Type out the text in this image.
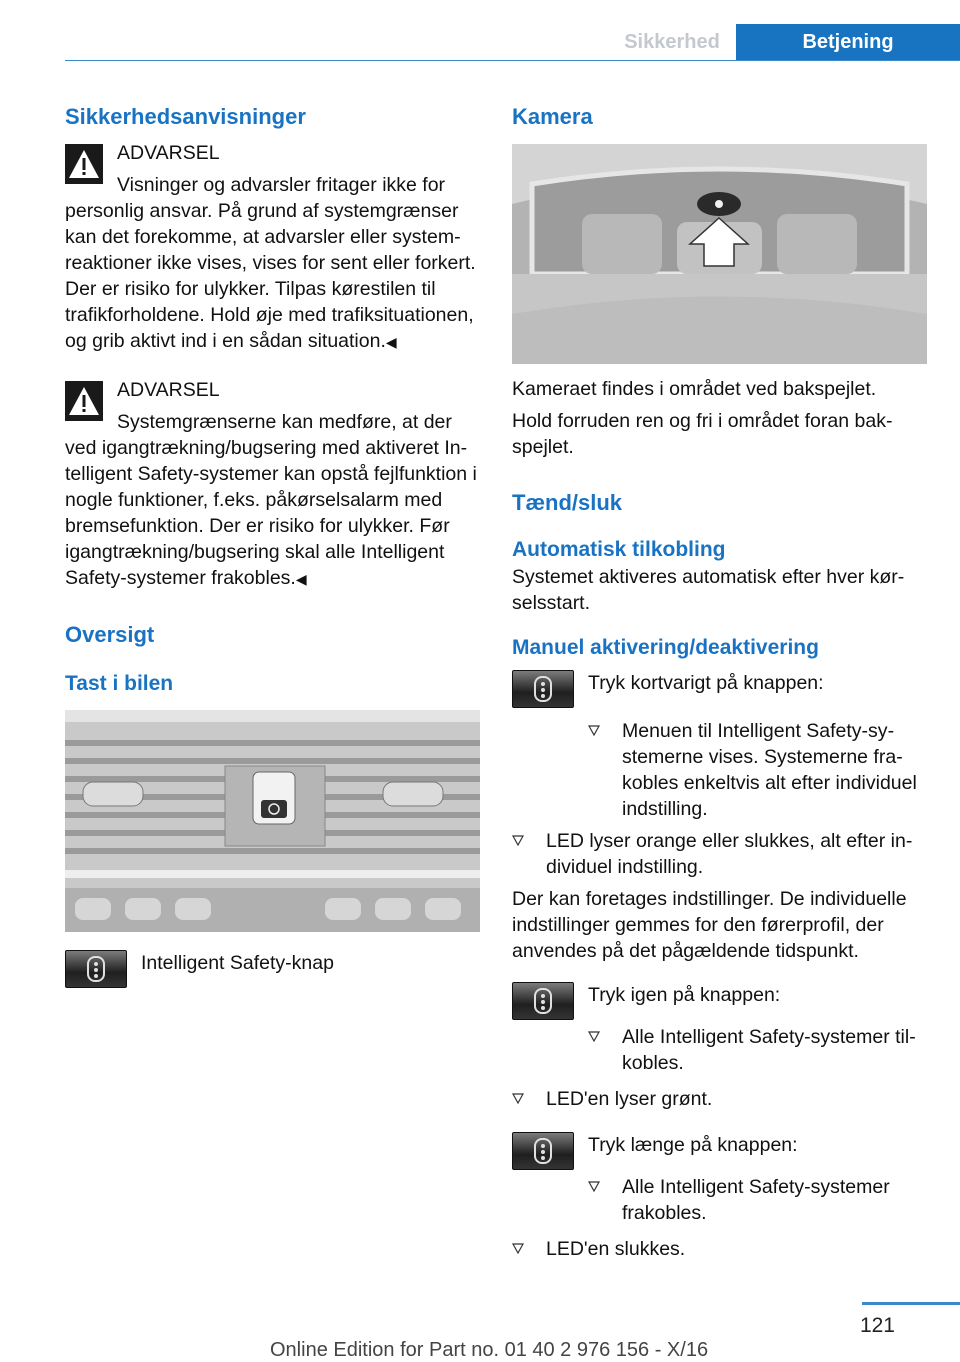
Sikkerhed	Betjening
Sikkerhedsanvisninger
ADVARSEL

Visninger og advarsler fritager ikke for personlig ansvar. På grund af systemgrænser kan det forekomme, at advarsler eller systemreaktioner ikke vises, vises for sent eller forkert. Der er risiko for ulykker. Tilpas kørestilen til trafikforholdene. Hold øje med trafiksituationen, og grib aktivt ind i en sådan situation.◀

ADVARSEL

Systemgrænserne kan medføre, at der ved igangtrækning/bugsering med aktiveret Intelligent Safety-systemer kan opstå fejlfunktion i nogle funktioner, f.eks. påkørselsalarm med bremsefunktion. Der er risiko for ulykker. Før igangtrækning/bugsering skal alle Intelligent Safety-systemer frakobles.◀

Oversigt
Tast i bilen
Intelligent Safety-knap
Kamera

Kameraet findes i området ved bakspejlet.

Hold forruden ren og fri i området foran bakspejlet.

Tænd/sluk
Automatisk tilkobling

Systemet aktiveres automatisk efter hver kørselsstart.

Manuel aktivering/deaktivering
Tryk kortvarigt på knappen:
Menuen til Intelligent Safety-systemerne vises. Systemerne frakobles enkeltvis alt efter individuel indstilling.
LED lyser orange eller slukkes, alt efter individuel indstilling.

Der kan foretages indstillinger. De individuelle indstillinger gemmes for den førerprofil, der anvendes på det pågældende tidspunkt.

Tryk igen på knappen:
Alle Intelligent Safety-systemer tilkobles.
LED'en lyser grønt.
Tryk længe på knappen:
Alle Intelligent Safety-systemer frakobles.
LED'en slukkes.
121
Online Edition for Part no. 01 40 2 976 156 - X/16
